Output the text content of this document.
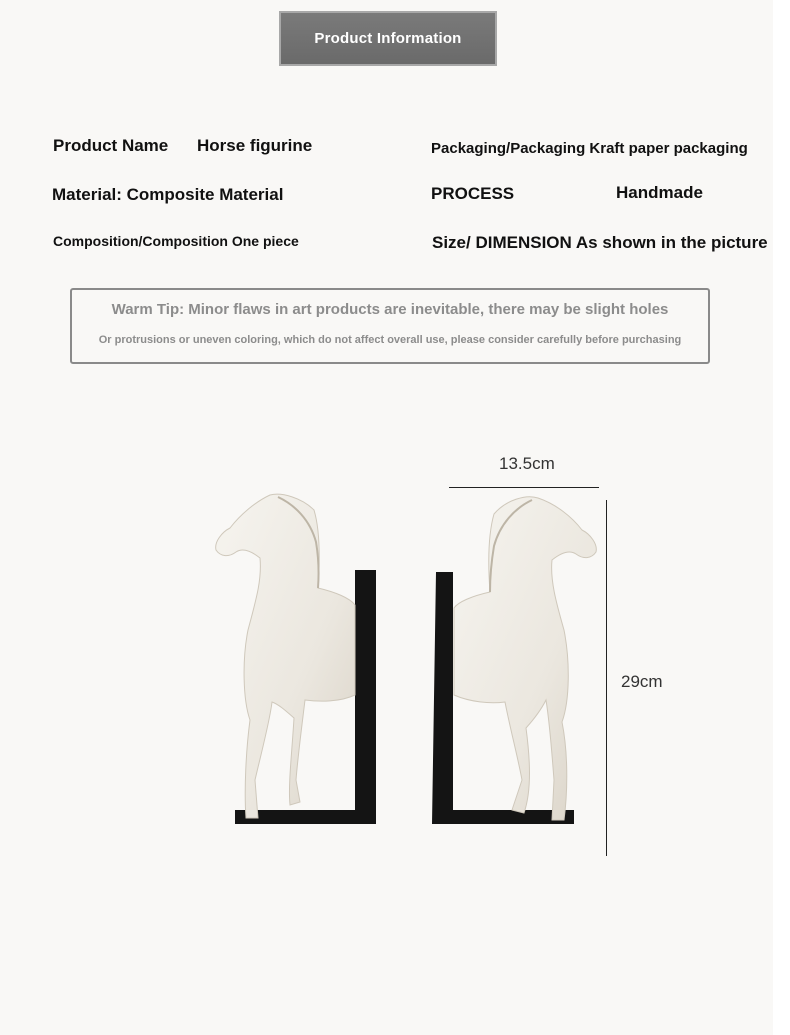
Product Information
Product Name Horse figurine	Packaging/Packaging Kraft paper packaging
Material: Composite Material	PROCESS	Handmade
Composition/Composition One piece	Size/ DIMENSION As shown in the picture
Warm Tip: Minor flaws in art products are inevitable, there may be slight holes
Or protrusions or uneven coloring, which do not affect overall use, please consider carefully before purchasing
13.5cm
29cm
